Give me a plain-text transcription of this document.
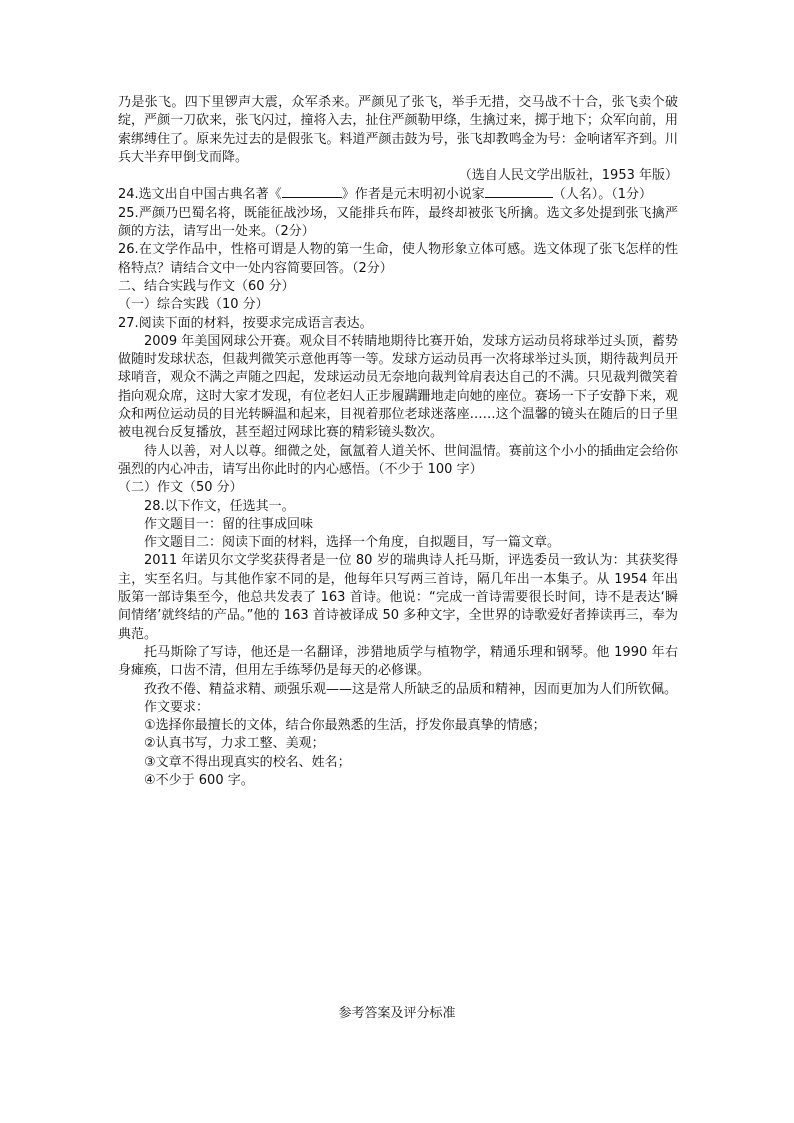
乃是张飞。四下里锣声大震，众军杀来。严颜见了张飞，举手无措，交马战不十合，张飞卖个破绽，严颜一刀砍来，张飞闪过，撞将入去，扯住严颜勒甲绦，生擒过来，掷于地下；众军向前，用索绑缚住了。原来先过去的是假张飞。料道严颜击鼓为号，张飞却教鸣金为号：金响诸军齐到。川兵大半弃甲倒戈而降。

（选自人民文学出版社，1953 年版）

24.选文出自中国古典名著《	》作者是元末明初小说家	（人名）。（1分）

25.严颜乃巴蜀名将，既能征战沙场，又能排兵布阵，最终却被张飞所擒。选文多处提到张飞擒严颜的方法，请写出一处来。（2分）

26.在文学作品中，性格可谓是人物的第一生命，使人物形象立体可感。选文体现了张飞怎样的性格特点？请结合文中一处内容简要回答。（2分）

二、结合实践与作文（60 分）

（一）综合实践（10 分）

27.阅读下面的材料，按要求完成语言表达。

2009 年美国网球公开赛。观众目不转睛地期待比赛开始，发球方运动员将球举过头顶，蓄势做随时发球状态，但裁判微笑示意他再等一等。发球方运动员再一次将球举过头顶，期待裁判员开球哨音，观众不满之声随之四起，发球运动员无奈地向裁判耸肩表达自己的不满。只见裁判微笑着指向观众席，这时大家才发现，有位老妇人正步履蹒跚地走向她的座位。赛场一下子安静下来，观众和两位运动员的目光转瞬温和起来，目视着那位老球迷落座……这个温馨的镜头在随后的日子里被电视台反复播放，甚至超过网球比赛的精彩镜头数次。

待人以善，对人以尊。细微之处，氤氲着人道关怀、世间温情。赛前这个小小的插曲定会给你强烈的内心冲击，请写出你此时的内心感悟。（不少于 100 字）

（二）作文（50 分）

28.以下作文，任选其一。

作文题目一：留的往事成回味

作文题目二：阅读下面的材料，选择一个角度，自拟题目，写一篇文章。

2011 年诺贝尔文学奖获得者是一位 80 岁的瑞典诗人托马斯，评选委员一致认为：其获奖得主，实至名归。与其他作家不同的是，他每年只写两三首诗，隔几年出一本集子。从 1954 年出版第一部诗集至今，他总共发表了 163 首诗。他说：“完成一首诗需要很长时间，诗不是表达‘瞬间情绪’就终结的产品。”他的 163 首诗被译成 50 多种文字，全世界的诗歌爱好者捧读再三，奉为典范。

托马斯除了写诗，他还是一名翻译，涉猎地质学与植物学，精通乐理和钢琴。他 1990 年右身瘫痪，口齿不清，但用左手练琴仍是每天的必修课。

孜孜不倦、精益求精、顽强乐观——这是常人所缺乏的品质和精神，因而更加为人们所钦佩。

作文要求：

①选择你最擅长的文体，结合你最熟悉的生活，抒发你最真挚的情感；

②认真书写，力求工整、美观；

③文章不得出现真实的校名、姓名；

④不少于 600 字。

参考答案及评分标准
